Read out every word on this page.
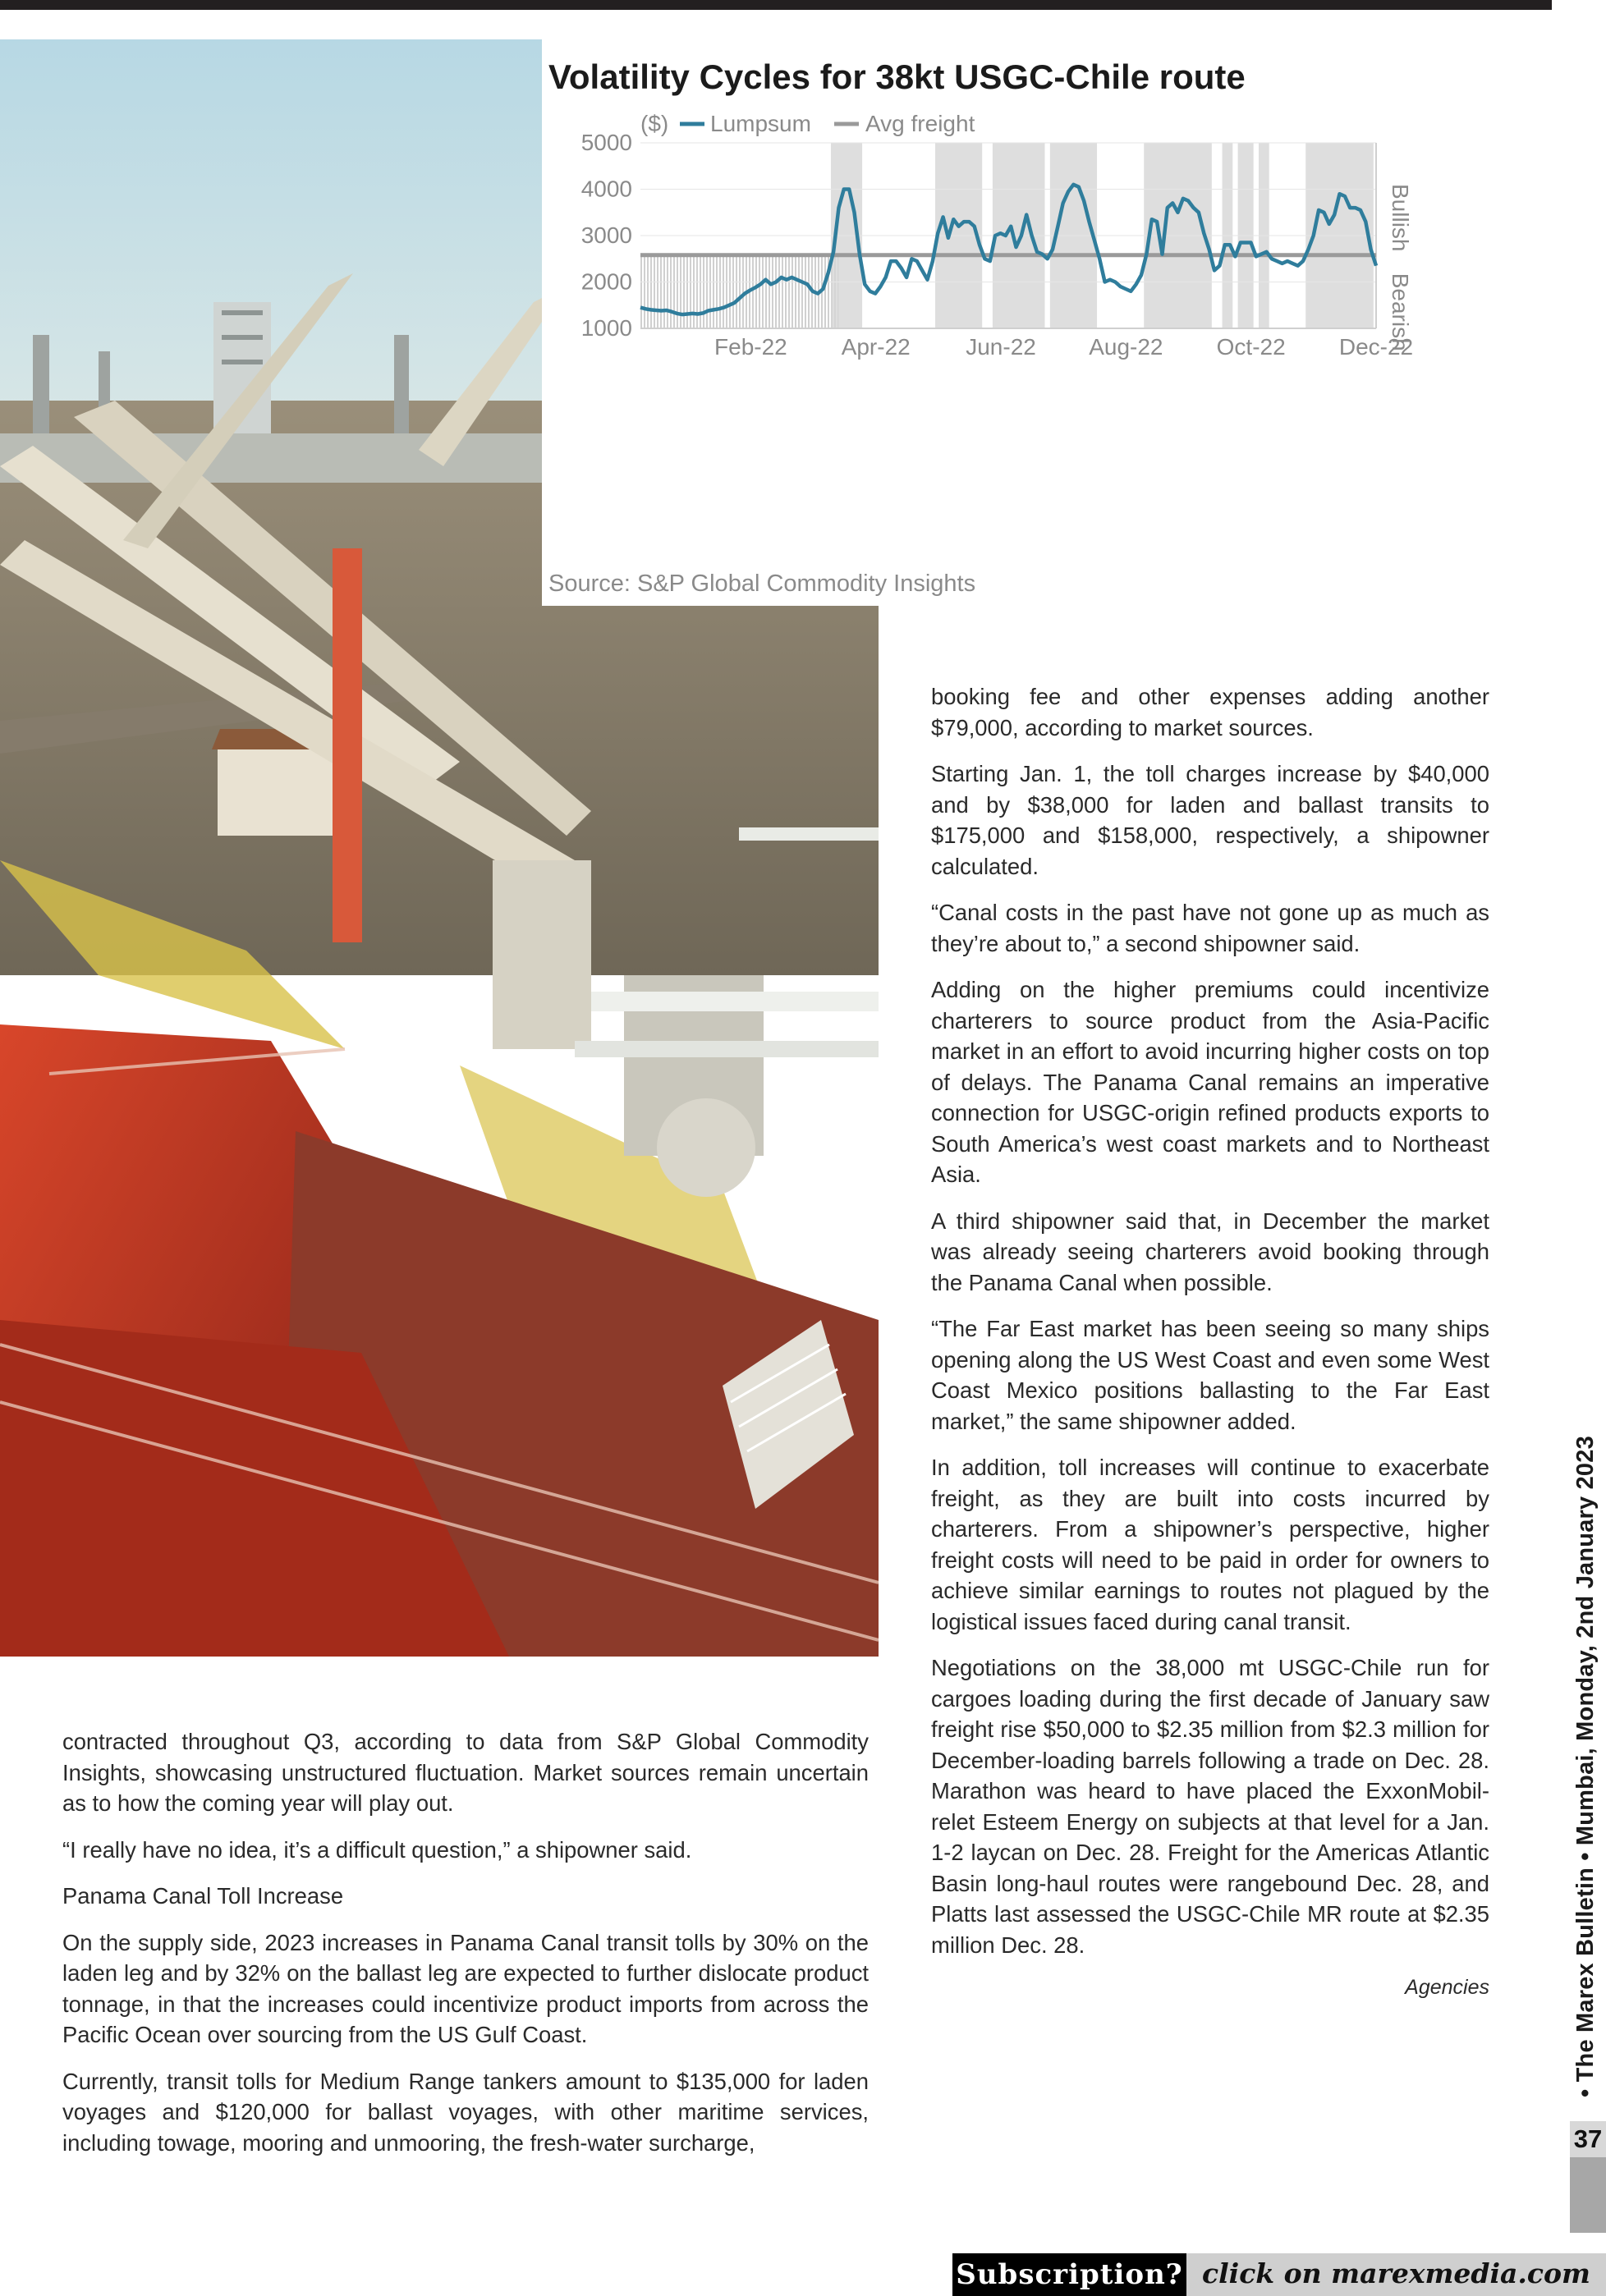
Volatility Cycles for 38kt USGC-Chile route
($) Lumpsum Avg freight
5000
4000
3000
2000
1000
Feb-22 Apr-22 Jun-22 Aug-22 Oct-22 Dec-22
Bullish
Bearish
Source: S&P Global Commodity Insights

booking fee and other expenses adding another $79,000, according to market sources.

Starting Jan. 1, the toll charges increase by $40,000 and by $38,000 for laden and ballast transits to $175,000 and $158,000, respectively, a shipowner calculated.

“Canal costs in the past have not gone up as much as they’re about to,” a second shipowner said.

Adding on the higher premiums could incentivize charterers to source product from the Asia-Pacific market in an effort to avoid incurring higher costs on top of delays. The Panama Canal remains an imperative connection for USGC-origin refined products exports to South America’s west coast markets and to Northeast Asia.

A third shipowner said that, in December the market was already seeing charterers avoid booking through the Panama Canal when possible.

“The Far East market has been seeing so many ships opening along the US West Coast and even some West Coast Mexico positions ballasting to the Far East market,” the same shipowner added.

In addition, toll increases will continue to exacerbate freight, as they are built into costs incurred by charterers. From a shipowner’s perspective, higher freight costs will need to be paid in order for owners to achieve similar earnings to routes not plagued by the logistical issues faced during canal transit.

Negotiations on the 38,000 mt USGC-Chile run for cargoes loading during the first decade of January saw freight rise $50,000 to $2.35 million from $2.3 million for December-loading barrels following a trade on Dec. 28. Marathon was heard to have placed the ExxonMobil-relet Esteem Energy on subjects at that level for a Jan. 1-2 laycan on Dec. 28. Freight for the Americas Atlantic Basin long-haul routes were rangebound Dec. 28, and Platts last assessed the USGC-Chile MR route at $2.35 million Dec. 28.

Agencies

contracted throughout Q3, according to data from S&P Global Commodity Insights, showcasing unstructured fluctuation. Market sources remain uncertain as to how the coming year will play out.

“I really have no idea, it’s a difficult question,” a shipowner said.

Panama Canal Toll Increase

On the supply side, 2023 increases in Panama Canal transit tolls by 30% on the laden leg and by 32% on the ballast leg are expected to further dislocate product tonnage, in that the increases could incentivize product imports from across the Pacific Ocean over sourcing from the US Gulf Coast.

Currently, transit tolls for Medium Range tankers amount to $135,000 for laden voyages and $120,000 for ballast voyages, with other maritime services, including towage, mooring and unmooring, the fresh-water surcharge,

• The Marex Bulletin • Mumbai, Monday, 2nd January 2023
37
Subscription? click on marexmedia.com
